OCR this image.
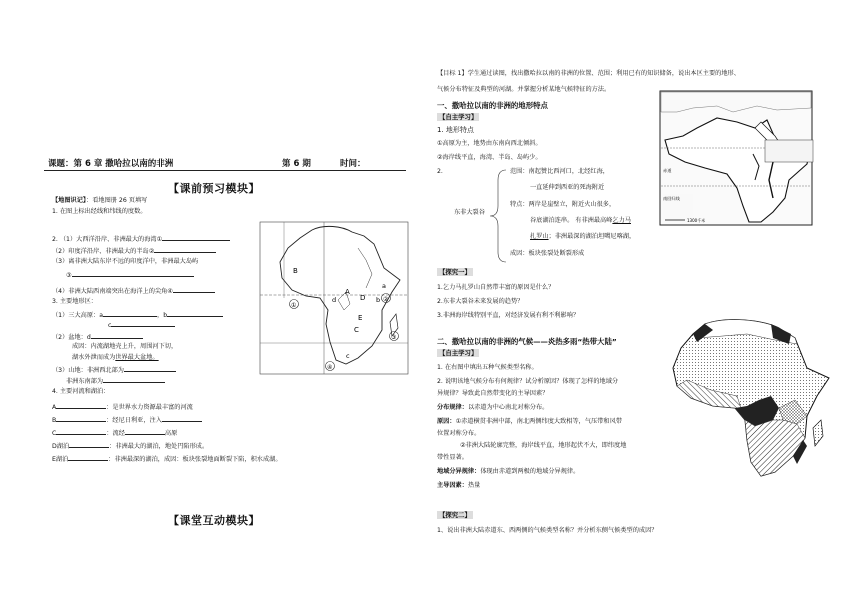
课题：第 6 章 撒哈拉以南的非洲	第 6 期	时间：
【课前预习模块】
【地图识记】：看地图册 26 页填写
1. 在图上标出经线和纬线的度数。
2. （1）大西洋沿岸、非洲最大的海湾①
（2）印度洋沿岸、非洲最大的半岛②
（3）离非洲大陆东岸不远的印度洋中，非洲最大岛屿
③
（4）非洲大陆西南端突出在海洋上的尖角④
3. 主要地形区：
（1）三大高原：a	，b
c
（2）盆地：d
成因：内流湖地壳上升，周围河下切，
湖水外泄而成为世界最大盆地。
（3）山地：非洲西北部为
非洲东南部为
4. 主要河流和湖泊：
A	：是世界水力资源最丰富的河流
B	：经尼日利亚，注入
C	：流经	高原
D湖泊	：非洲最大的湖泊，地处円陷形成。
E湖泊	：非洲最深的湖泊，成因：板块张裂地面断裂下陷，积水成湖。
B
A
D
C
E
d
a
b
c
①
②
③
④
【课堂互动模块】
【目标 1】学生通过读图，找出撒哈拉以南的非洲的位置、范围；利用已有的知识储备，说出本区主要的地形、
气候分布特征及典型的河湖。并掌握分析某地气候特征的方法。
一、撒哈拉以南的非洲的地形特点
【自主学习】
1. 地形特点
①高原为主，地势由东南向西北倾斜。
②海岸线平直，海湾、半岛、岛屿少。
2.
东非大裂谷
范围：南起赞比西河口，北经红海，
一直延伸到西亚的死海附近
特点：两岸是崖壁立，附近火山很多，
谷底湖泊连串。 有非洲最高峰乞力马
扎罗山；非洲最深的湖泊坦噶尼喀湖，
成因：板块张裂处断裂形成
【探究一】
1.乞力马扎罗山自然带丰富的原因是什么？
2.东非大裂谷未来发展的趋势？
3.非洲海岸线特别平直，对经济发展有利不利影响？
二、撒哈拉以南的非洲的气候——炎热多雨“热带大陆”
【自主学习】
1. 在右图中填出五种气候类型名称。
2. 说明该地气候分布有何规律？试分析原因？体现了怎样的地域分
异规律？导致此自然带变化的主导因素？
分布规律：以赤道为中心南北对称分布。
原因：①赤道横贯非洲中部，南北两侧纬度大致相等，气压带和风带
位置对称分布。
②非洲大陆轮廓完整，海岸线平直，地形起伏不大，即纬度地
带性显著。
地域分异规律：体现由赤道到两极的地域分异规律。
主导因素：热量
【探究二】
1、说出非洲大陆赤道东、西两侧的气候类型名称？并分析东侧气候类型的成因？
赤道
南回归线
1300千米
